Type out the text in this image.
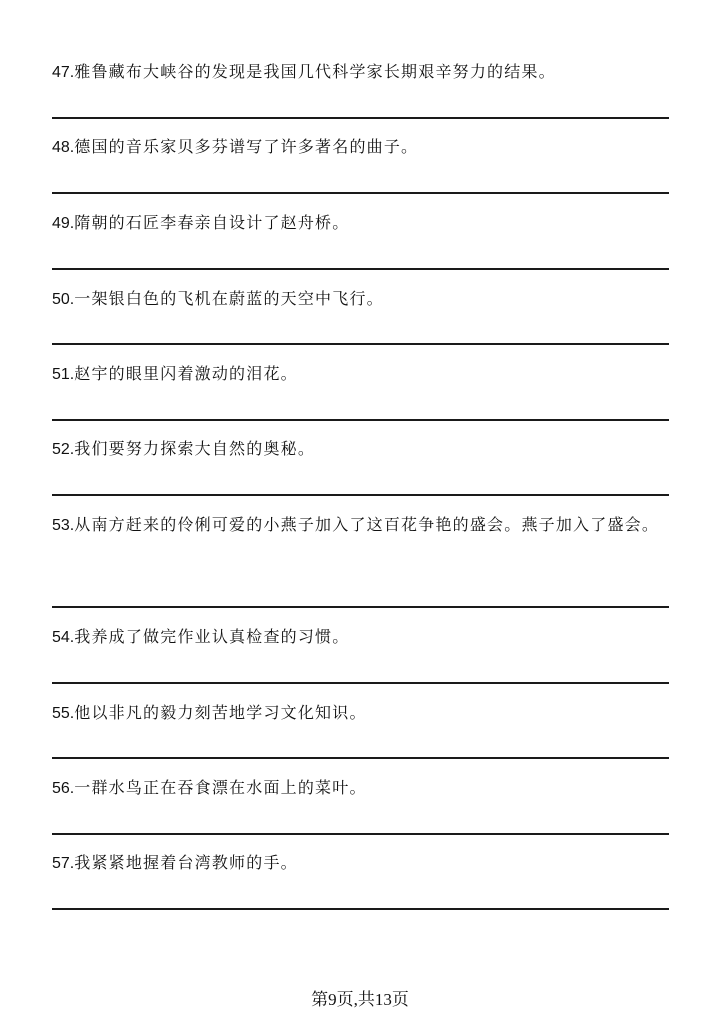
47.雅鲁藏布大峡谷的发现是我国几代科学家长期艰辛努力的结果。
48.德国的音乐家贝多芬谱写了许多著名的曲子。
49.隋朝的石匠李春亲自设计了赵舟桥。
50.一架银白色的飞机在蔚蓝的天空中飞行。
51.赵宇的眼里闪着激动的泪花。
52.我们要努力探索大自然的奥秘。
53.从南方赶来的伶俐可爱的小燕子加入了这百花争艳的盛会。燕子加入了盛会。
54.我养成了做完作业认真检查的习惯。
55.他以非凡的毅力刻苦地学习文化知识。
56.一群水鸟正在吞食漂在水面上的菜叶。
57.我紧紧地握着台湾教师的手。
第9页,共13页
